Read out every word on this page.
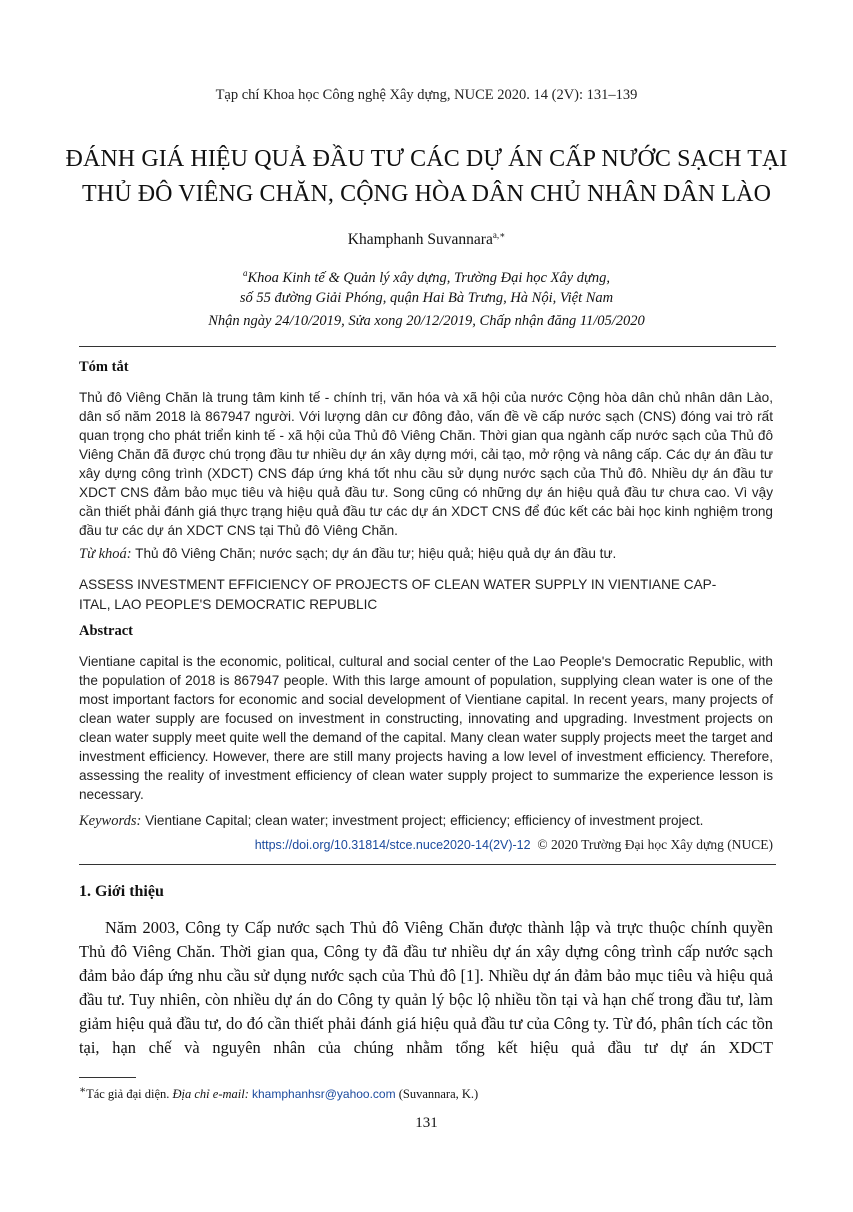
Tạp chí Khoa học Công nghệ Xây dựng, NUCE 2020. 14 (2V): 131–139
ĐÁNH GIÁ HIỆU QUẢ ĐẦU TƯ CÁC DỰ ÁN CẤP NƯỚC SẠCH TẠI
THỦ ĐÔ VIÊNG CHĂN, CỘNG HÒA DÂN CHỦ NHÂN DÂN LÀO
Khamphanh Suvannara$^{a,∗}$
$^a$Khoa Kinh tế & Quản lý xây dựng, Trường Đại học Xây dựng,
số 55 đường Giải Phóng, quận Hai Bà Trưng, Hà Nội, Việt Nam
Nhận ngày 24/10/2019, Sửa xong 20/12/2019, Chấp nhận đăng 11/05/2020
Tóm tắt
Thủ đô Viêng Chăn là trung tâm kinh tế - chính trị, văn hóa và xã hội của nước Cộng hòa dân chủ nhân dân Lào, dân số năm 2018 là 867947 người. Với lượng dân cư đông đảo, vấn đề về cấp nước sạch (CNS) đóng vai trò rất quan trọng cho phát triển kinh tế - xã hội của Thủ đô Viêng Chăn. Thời gian qua ngành cấp nước sạch của Thủ đô Viêng Chăn đã được chú trọng đầu tư nhiều dự án xây dựng mới, cải tạo, mở rộng và nâng cấp. Các dự án đầu tư xây dựng công trình (XDCT) CNS đáp ứng khá tốt nhu cầu sử dụng nước sạch của Thủ đô. Nhiều dự án đầu tư XDCT CNS đảm bảo mục tiêu và hiệu quả đầu tư. Song cũng có những dự án hiệu quả đầu tư chưa cao. Vì vậy cần thiết phải đánh giá thực trạng hiệu quả đầu tư các dự án XDCT CNS để đúc kết các bài học kinh nghiệm trong đầu tư các dự án XDCT CNS tại Thủ đô Viêng Chăn.
Từ khoá: Thủ đô Viêng Chăn; nước sạch; dự án đầu tư; hiệu quả; hiệu quả dự án đầu tư.
ASSESS INVESTMENT EFFICIENCY OF PROJECTS OF CLEAN WATER SUPPLY IN VIENTIANE CAP-
ITAL, LAO PEOPLE'S DEMOCRATIC REPUBLIC
Abstract
Vientiane capital is the economic, political, cultural and social center of the Lao People's Democratic Republic, with the population of 2018 is 867947 people. With this large amount of population, supplying clean water is one of the most important factors for economic and social development of Vientiane capital. In recent years, many projects of clean water supply are focused on investment in constructing, innovating and upgrading. Investment projects on clean water supply meet quite well the demand of the capital. Many clean water supply projects meet the target and investment efficiency. However, there are still many projects having a low level of investment efficiency. Therefore, assessing the reality of investment efficiency of clean water supply project to summarize the experience lesson is necessary.
Keywords: Vientiane Capital; clean water; investment project; efficiency; efficiency of investment project.
https://doi.org/10.31814/stce.nuce2020-14(2V)-12 © 2020 Trường Đại học Xây dựng (NUCE)
1. Giới thiệu
Năm 2003, Công ty Cấp nước sạch Thủ đô Viêng Chăn được thành lập và trực thuộc chính quyền Thủ đô Viêng Chăn. Thời gian qua, Công ty đã đầu tư nhiều dự án xây dựng công trình cấp nước sạch đảm bảo đáp ứng nhu cầu sử dụng nước sạch của Thủ đô [1]. Nhiều dự án đảm bảo mục tiêu và hiệu quả đầu tư. Tuy nhiên, còn nhiều dự án do Công ty quản lý bộc lộ nhiều tồn tại và hạn chế trong đầu tư, làm giảm hiệu quả đầu tư, do đó cần thiết phải đánh giá hiệu quả đầu tư của Công ty. Từ đó, phân tích các tồn tại, hạn chế và nguyên nhân của chúng nhằm tổng kết hiệu quả đầu tư dự án XDCT
∗Tác giả đại diện. Địa chỉ e-mail: khamphanhsr@yahoo.com (Suvannara, K.)
131
